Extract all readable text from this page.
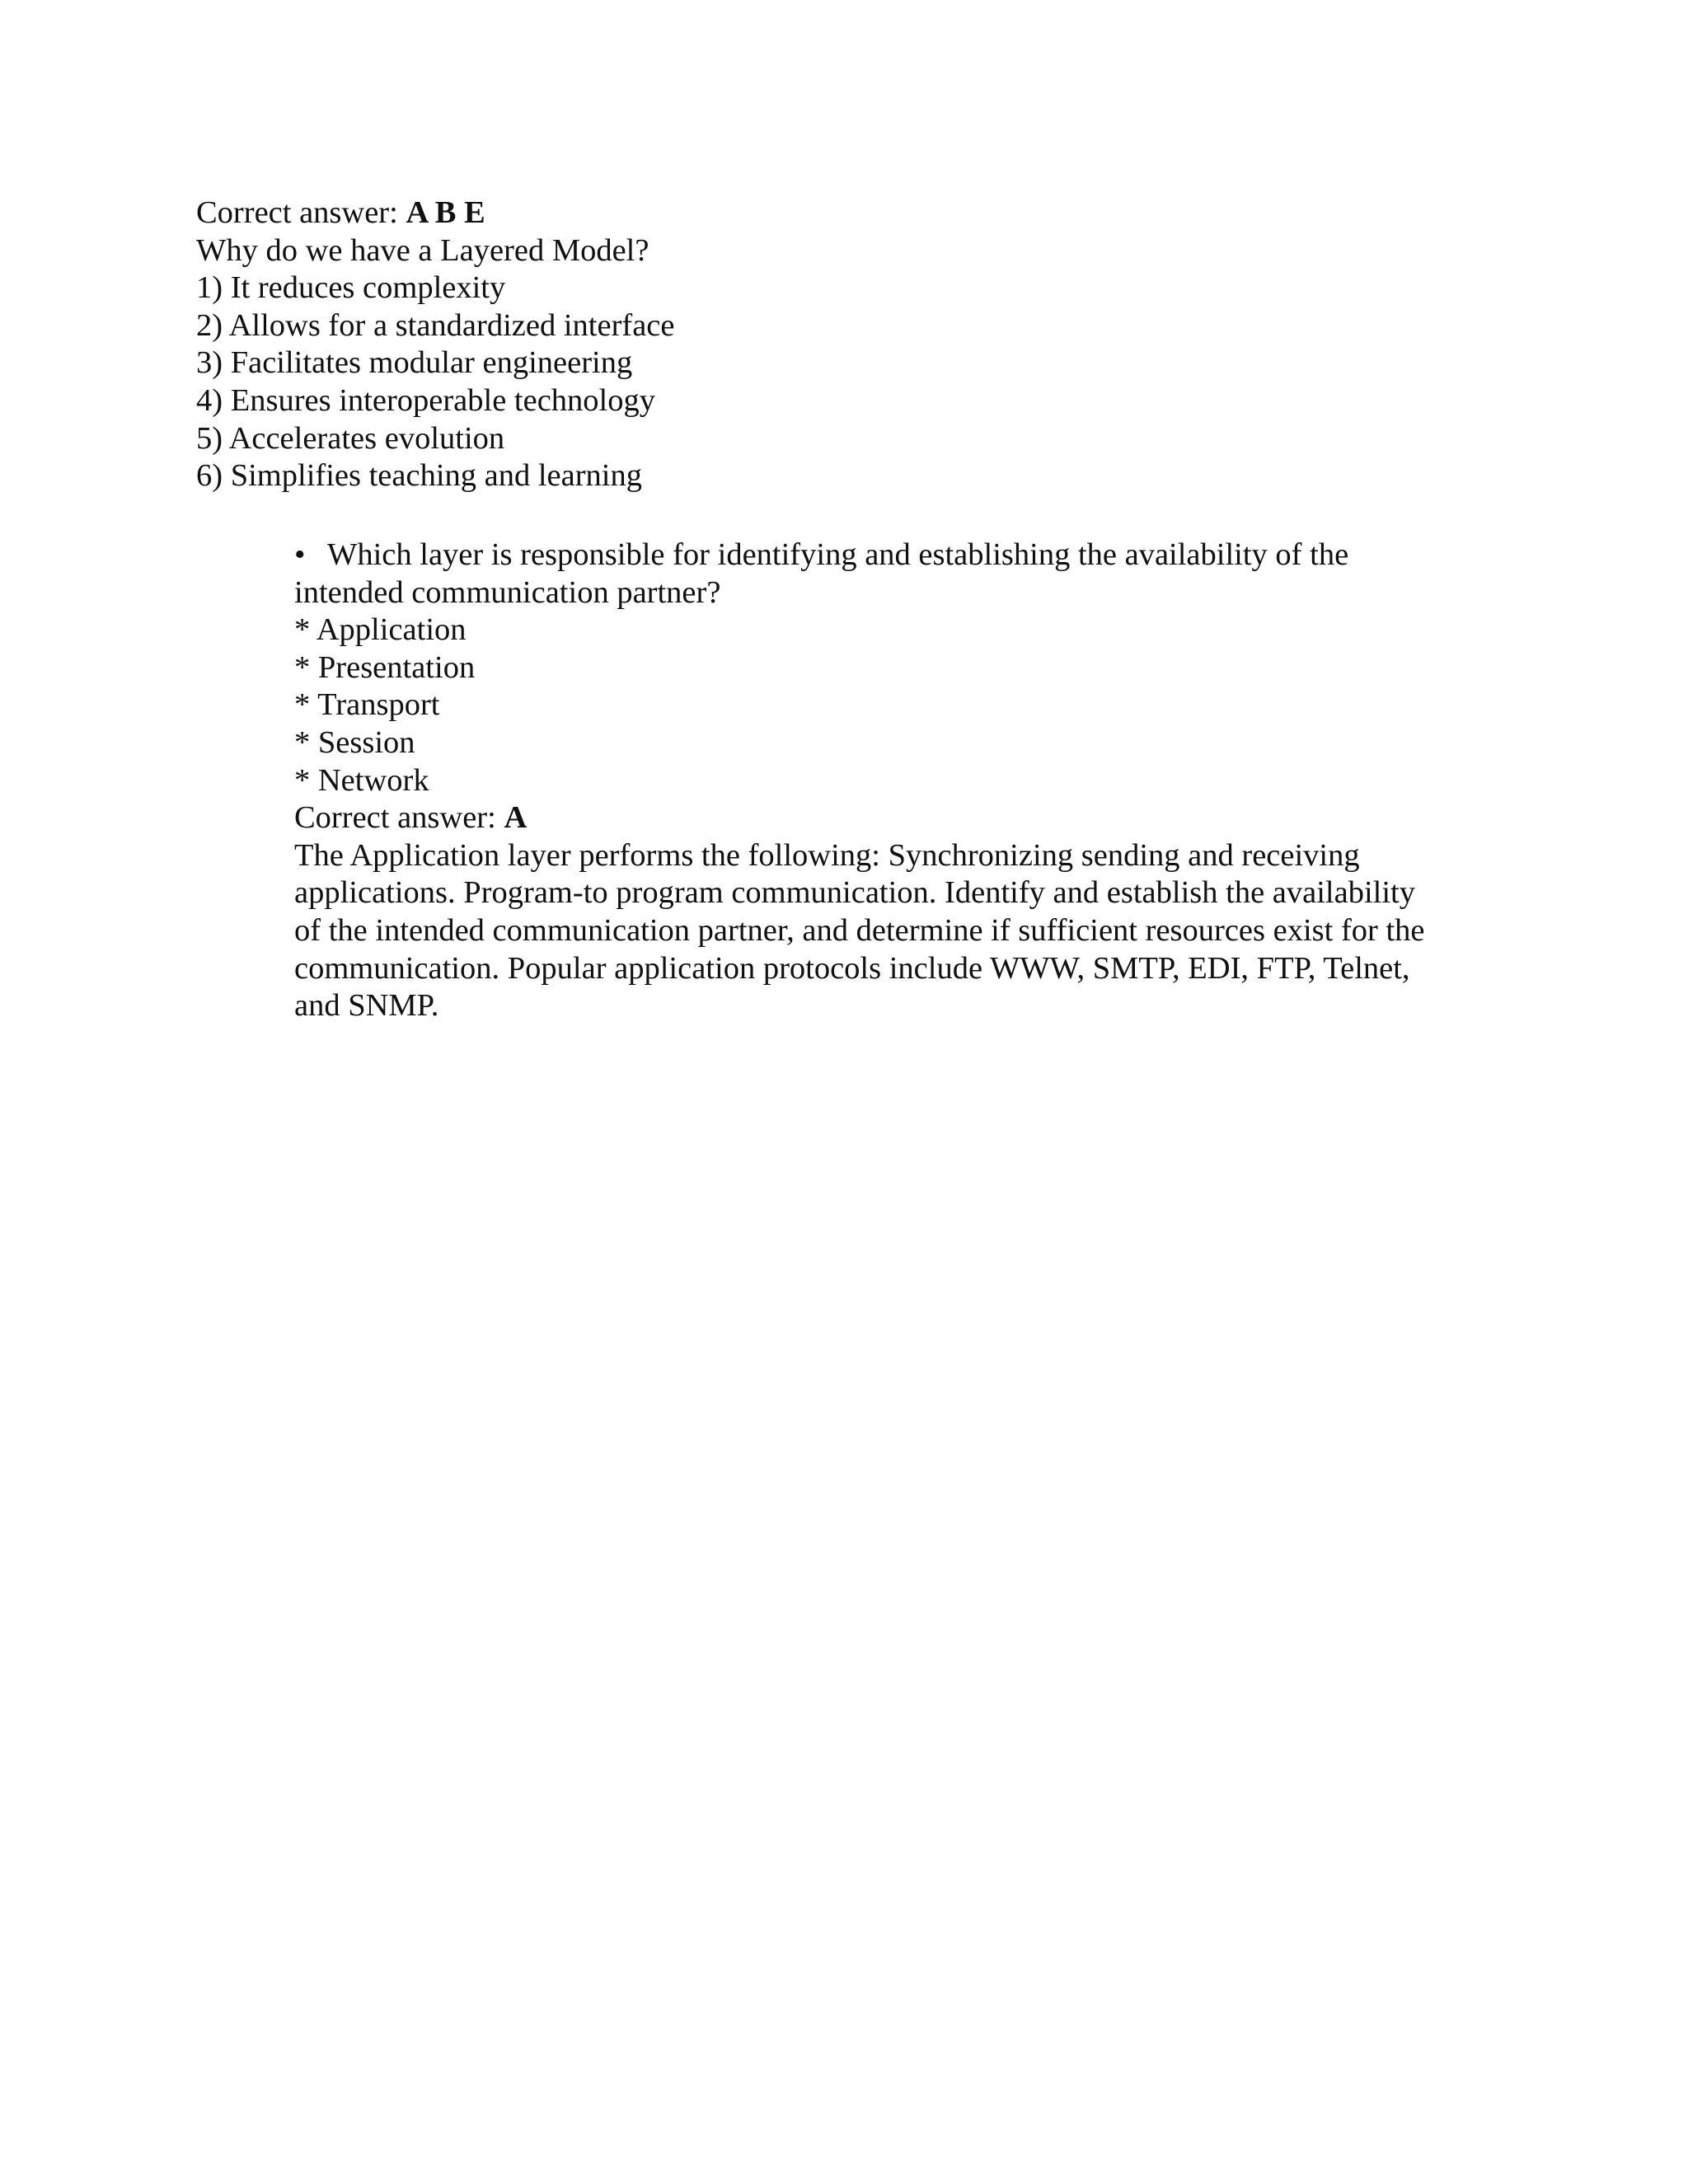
Correct answer: A B E
Why do we have a Layered Model?
1) It reduces complexity
2) Allows for a standardized interface
3) Facilitates modular engineering
4) Ensures interoperable technology
5) Accelerates evolution
6) Simplifies teaching and learning
• Which layer is responsible for identifying and establishing the availability of the
intended communication partner?
* Application
* Presentation
* Transport
* Session
* Network
Correct answer: A
The Application layer performs the following: Synchronizing sending and receiving
applications. Program-to program communication. Identify and establish the availability
of the intended communication partner, and determine if sufficient resources exist for the
communication. Popular application protocols include WWW, SMTP, EDI, FTP, Telnet,
and SNMP.
